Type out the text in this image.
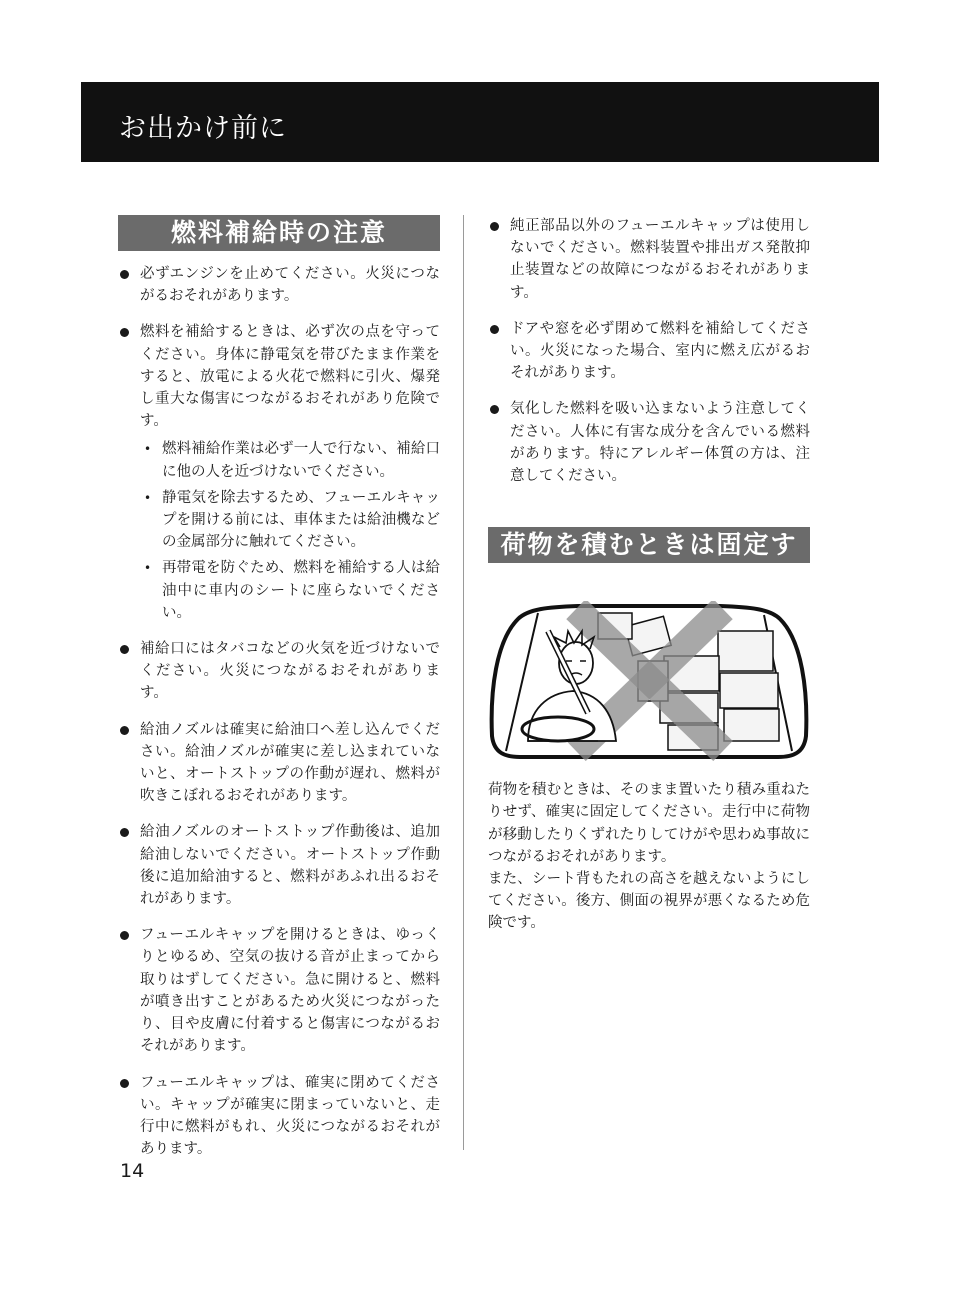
お出かけ前に
燃料補給時の注意
必ずエンジンを止めてください。火災につながるおそれがあります。
燃料を補給するときは、必ず次の点を守ってください。身体に静電気を帯びたまま作業をすると、放電による火花で燃料に引火、爆発し重大な傷害につながるおそれがあり危険です。
• 燃料補給作業は必ず一人で行ない、補給口に他の人を近づけないでください。
• 静電気を除去するため、フューエルキャップを開ける前には、車体または給油機などの金属部分に触れてください。
• 再帯電を防ぐため、燃料を補給する人は給油中に車内のシートに座らないでください。
補給口にはタバコなどの火気を近づけないでください。火災につながるおそれがあります。
給油ノズルは確実に給油口へ差し込んでください。給油ノズルが確実に差し込まれていないと、オートストップの作動が遅れ、燃料が吹きこぼれるおそれがあります。
給油ノズルのオートストップ作動後は、追加給油しないでください。オートストップ作動後に追加給油すると、燃料があふれ出るおそれがあります。
フューエルキャップを開けるときは、ゆっくりとゆるめ、空気の抜ける音が止まってから取りはずしてください。急に開けると、燃料が噴き出すことがあるため火災につながったり、目や皮膚に付着すると傷害につながるおそれがあります。
フューエルキャップは、確実に閉めてください。キャップが確実に閉まっていないと、走行中に燃料がもれ、火災につながるおそれがあります。
純正部品以外のフューエルキャップは使用しないでください。燃料装置や排出ガス発散抑止装置などの故障につながるおそれがあります。
ドアや窓を必ず閉めて燃料を補給してください。火災になった場合、室内に燃え広がるおそれがあります。
気化した燃料を吸い込まないよう注意してください。人体に有害な成分を含んでいる燃料があります。特にアレルギー体質の方は、注意してください。
荷物を積むときは固定する

荷物を積むときは、そのまま置いたり積み重ねたりせず、確実に固定してください。走行中に荷物が移動したりくずれたりしてけがや思わぬ事故につながるおそれがあります。

また、シート背もたれの高さを越えないようにしてください。後方、側面の視界が悪くなるため危険です。

14
